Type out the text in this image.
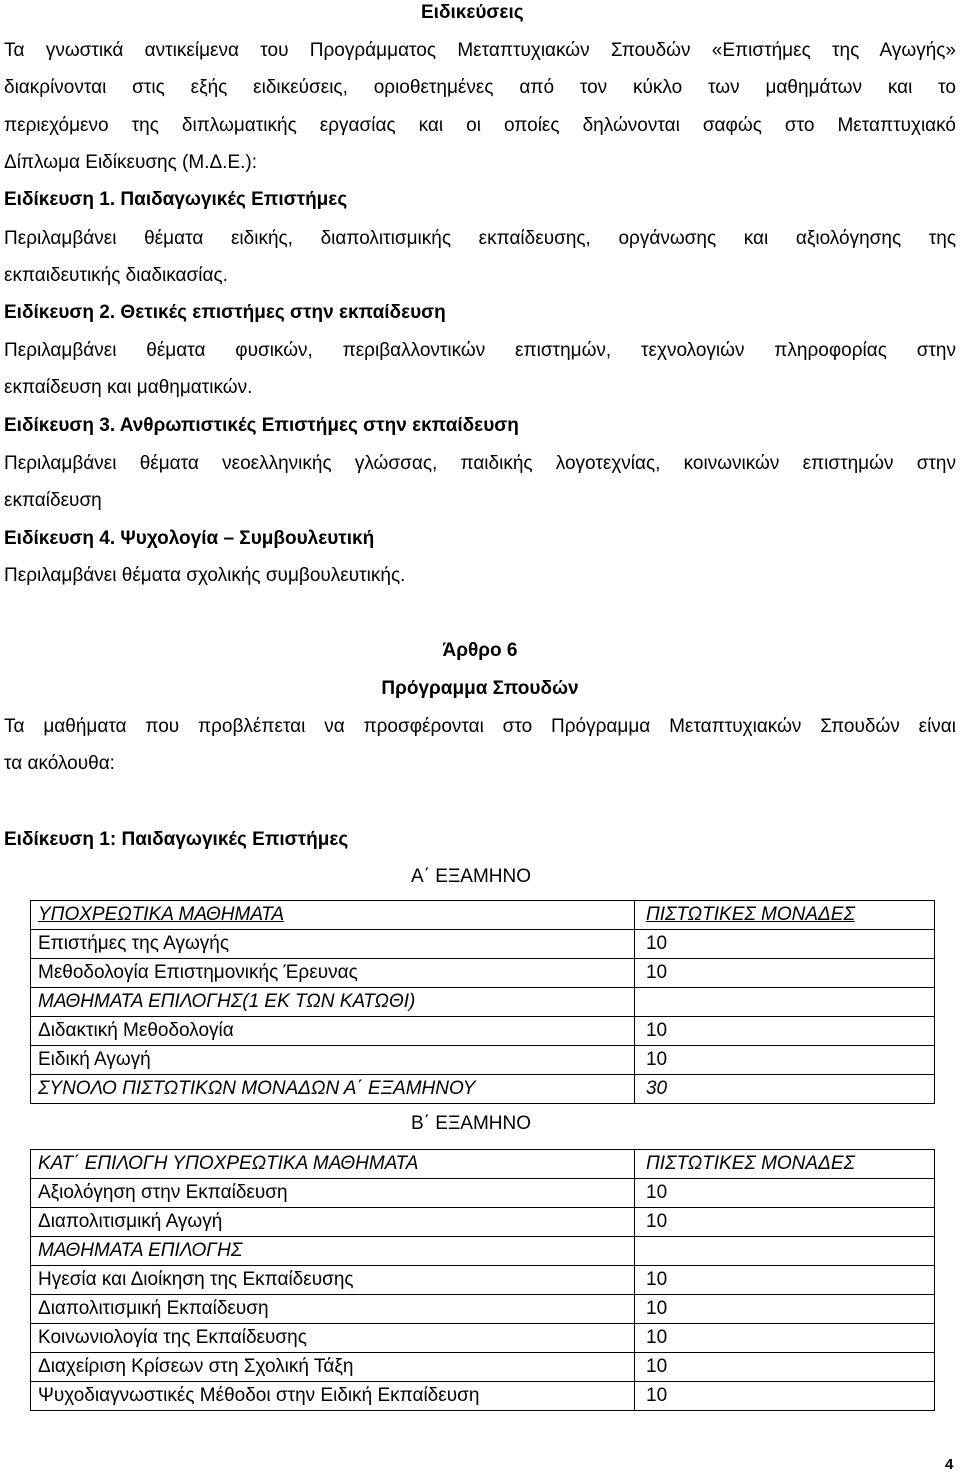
Ειδικεύσεις
Τα γνωστικά αντικείμενα του Προγράμματος Μεταπτυχιακών Σπουδών «Επιστήμες της Αγωγής»
διακρίνονται στις εξής ειδικεύσεις, οριοθετημένες από τον κύκλο των μαθημάτων και το
περιεχόμενο της διπλωματικής εργασίας και οι οποίες δηλώνονται σαφώς στο Μεταπτυχιακό
Δίπλωμα Ειδίκευσης (Μ.Δ.Ε.):
Ειδίκευση 1. Παιδαγωγικές Επιστήμες
Περιλαμβάνει θέματα ειδικής, διαπολιτισμικής εκπαίδευσης, οργάνωσης και αξιολόγησης της
εκπαιδευτικής διαδικασίας.
Ειδίκευση 2. Θετικές επιστήμες στην εκπαίδευση
Περιλαμβάνει θέματα φυσικών, περιβαλλοντικών επιστημών, τεχνολογιών πληροφορίας στην
εκπαίδευση και μαθηματικών.
Ειδίκευση 3. Ανθρωπιστικές Επιστήμες στην εκπαίδευση
Περιλαμβάνει θέματα νεοελληνικής γλώσσας, παιδικής λογοτεχνίας, κοινωνικών επιστημών στην
εκπαίδευση
Ειδίκευση 4. Ψυχολογία – Συμβουλευτική
Περιλαμβάνει θέματα σχολικής συμβουλευτικής.
Άρθρο 6
Πρόγραμμα Σπουδών
Τα μαθήματα που προβλέπεται να προσφέρονται στο Πρόγραμμα Μεταπτυχιακών Σπουδών είναι
τα ακόλουθα:
Ειδίκευση 1: Παιδαγωγικές Επιστήμες
Α΄ ΕΞΑΜΗΝΟ
ΥΠΟΧΡΕΩΤΙΚΑ ΜΑΘΗΜΑΤΑ	ΠΙΣΤΩΤΙΚΕΣ ΜΟΝΑΔΕΣ
Επιστήμες της Αγωγής	10
Μεθοδολογία Επιστημονικής Έρευνας	10
ΜΑΘΗΜΑΤΑ ΕΠΙΛΟΓΗΣ(1 ΕΚ ΤΩΝ ΚΑΤΩΘΙ)	
Διδακτική Μεθοδολογία	10
Ειδική Αγωγή	10
ΣΥΝΟΛΟ ΠΙΣΤΩΤΙΚΩΝ ΜΟΝΑΔΩΝ Α΄ ΕΞΑΜΗΝΟΥ	30
Β΄ ΕΞΑΜΗΝΟ
ΚΑΤ΄ ΕΠΙΛΟΓΗ ΥΠΟΧΡΕΩΤΙΚΑ ΜΑΘΗΜΑΤΑ	ΠΙΣΤΩΤΙΚΕΣ ΜΟΝΑΔΕΣ
Αξιολόγηση στην Εκπαίδευση	10
Διαπολιτισμική Αγωγή	10
ΜΑΘΗΜΑΤΑ ΕΠΙΛΟΓΗΣ	
Ηγεσία και Διοίκηση της Εκπαίδευσης	10
Διαπολιτισμική Εκπαίδευση	10
Κοινωνιολογία της Εκπαίδευσης	10
Διαχείριση Κρίσεων στη Σχολική Τάξη	10
Ψυχοδιαγνωστικές Μέθοδοι στην Ειδική Εκπαίδευση	10
4
